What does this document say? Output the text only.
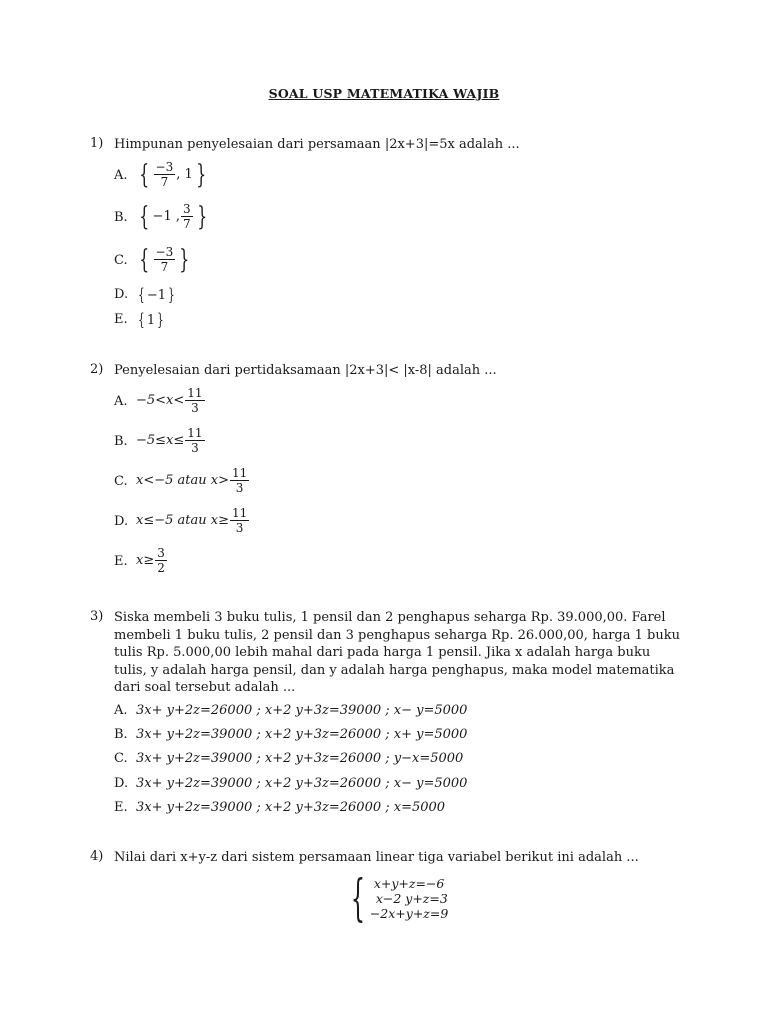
SOAL USP MATEMATIKA WAJIB
1) Himpunan penyelesaian dari persamaan |2x+3|=5x adalah ...
A. { $\frac{-3}{7}$ , 1 }
B. { −1 , $\frac{3}{7}$ }
C. { $\frac{-3}{7}$ }
D. { −1 }
E. { 1 }
2) Penyelesaian dari pertidaksamaan |2x+3|< |x-8| adalah ...
A. $-5<x< \frac{11}{3}$
B. $-5\le x\le \frac{11}{3}$
C. x<−5 atau $x> \frac{11}{3}$
D. x≤−5 atau $x\ge \frac{11}{3}$
E. $x\ge \frac{3}{2}$
3) Siska membeli 3 buku tulis, 1 pensil dan 2 penghapus seharga Rp. 39.000,00. Farel membeli 1 buku tulis, 2 pensil dan 3 penghapus seharga Rp. 26.000,00, harga 1 buku tulis Rp. 5.000,00 lebih mahal dari pada harga 1 pensil. Jika x adalah harga buku tulis, y adalah harga pensil, dan y adalah harga penghapus, maka model matematika dari soal tersebut adalah ...
A. 3x+ y+2z=26000 ; x+2 y+3z=39000 ; x− y=5000
B. 3x+ y+2z=39000 ; x+2 y+3z=26000 ; x+ y=5000
C. 3x+ y+2z=39000 ; x+2 y+3z=26000 ; y−x=5000
D. 3x+ y+2z=39000 ; x+2 y+3z=26000 ; x− y=5000
E. 3x+ y+2z=39000 ; x+2 y+3z=26000 ; x=5000
4) Nilai dari x+y-z dari sistem persamaan linear tiga variabel berikut ini adalah ...
{ x+y+z=−6
x−2 y+z=3
−2x+y+z=9
